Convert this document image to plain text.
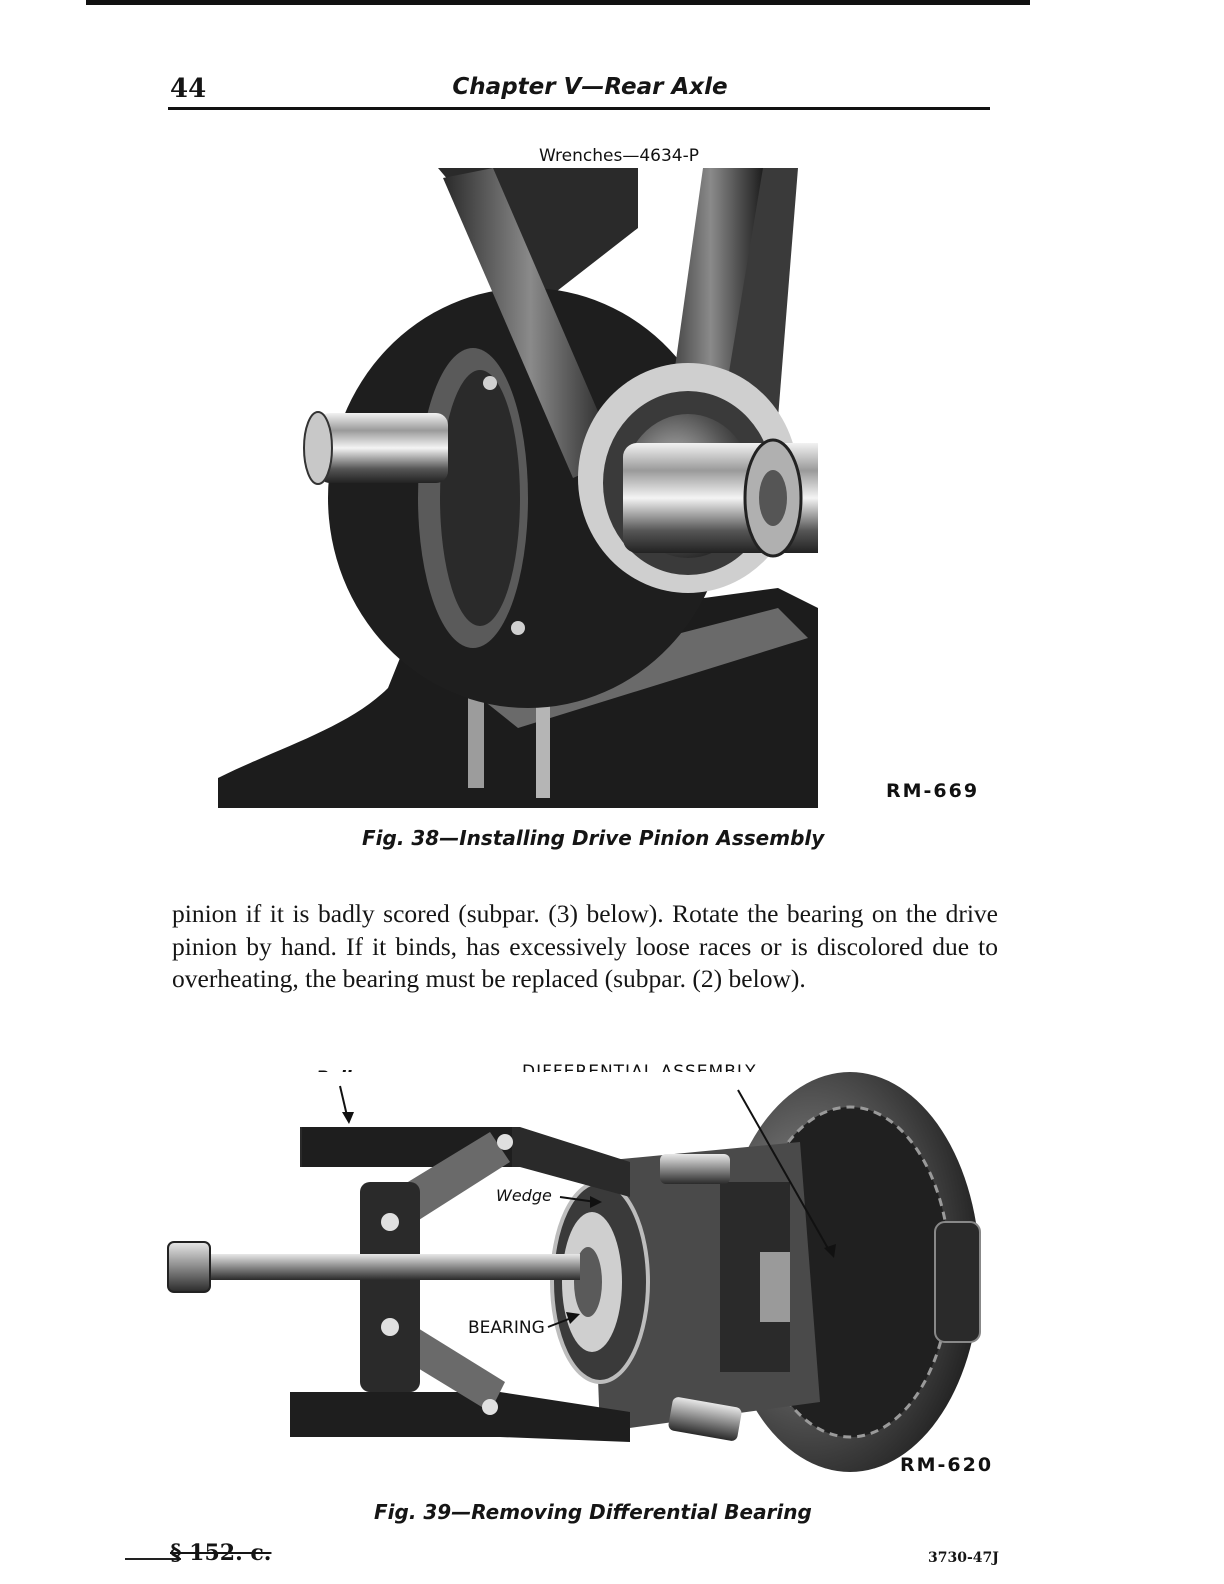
44	Chapter V—Rear Axle
Wrenches—4634-P
RM-669
Fig. 38—Installing Drive Pinion Assembly

pinion if it is badly scored (subpar. (3) below). Rotate the bearing on the drive pinion by hand. If it binds, has excessively loose races or is discolored due to overheating, the bearing must be replaced (subpar. (2) below).

Wedge
BEARING
RM-620
Fig. 39—Removing Differential Bearing
§ 152. c.	3730-47J
